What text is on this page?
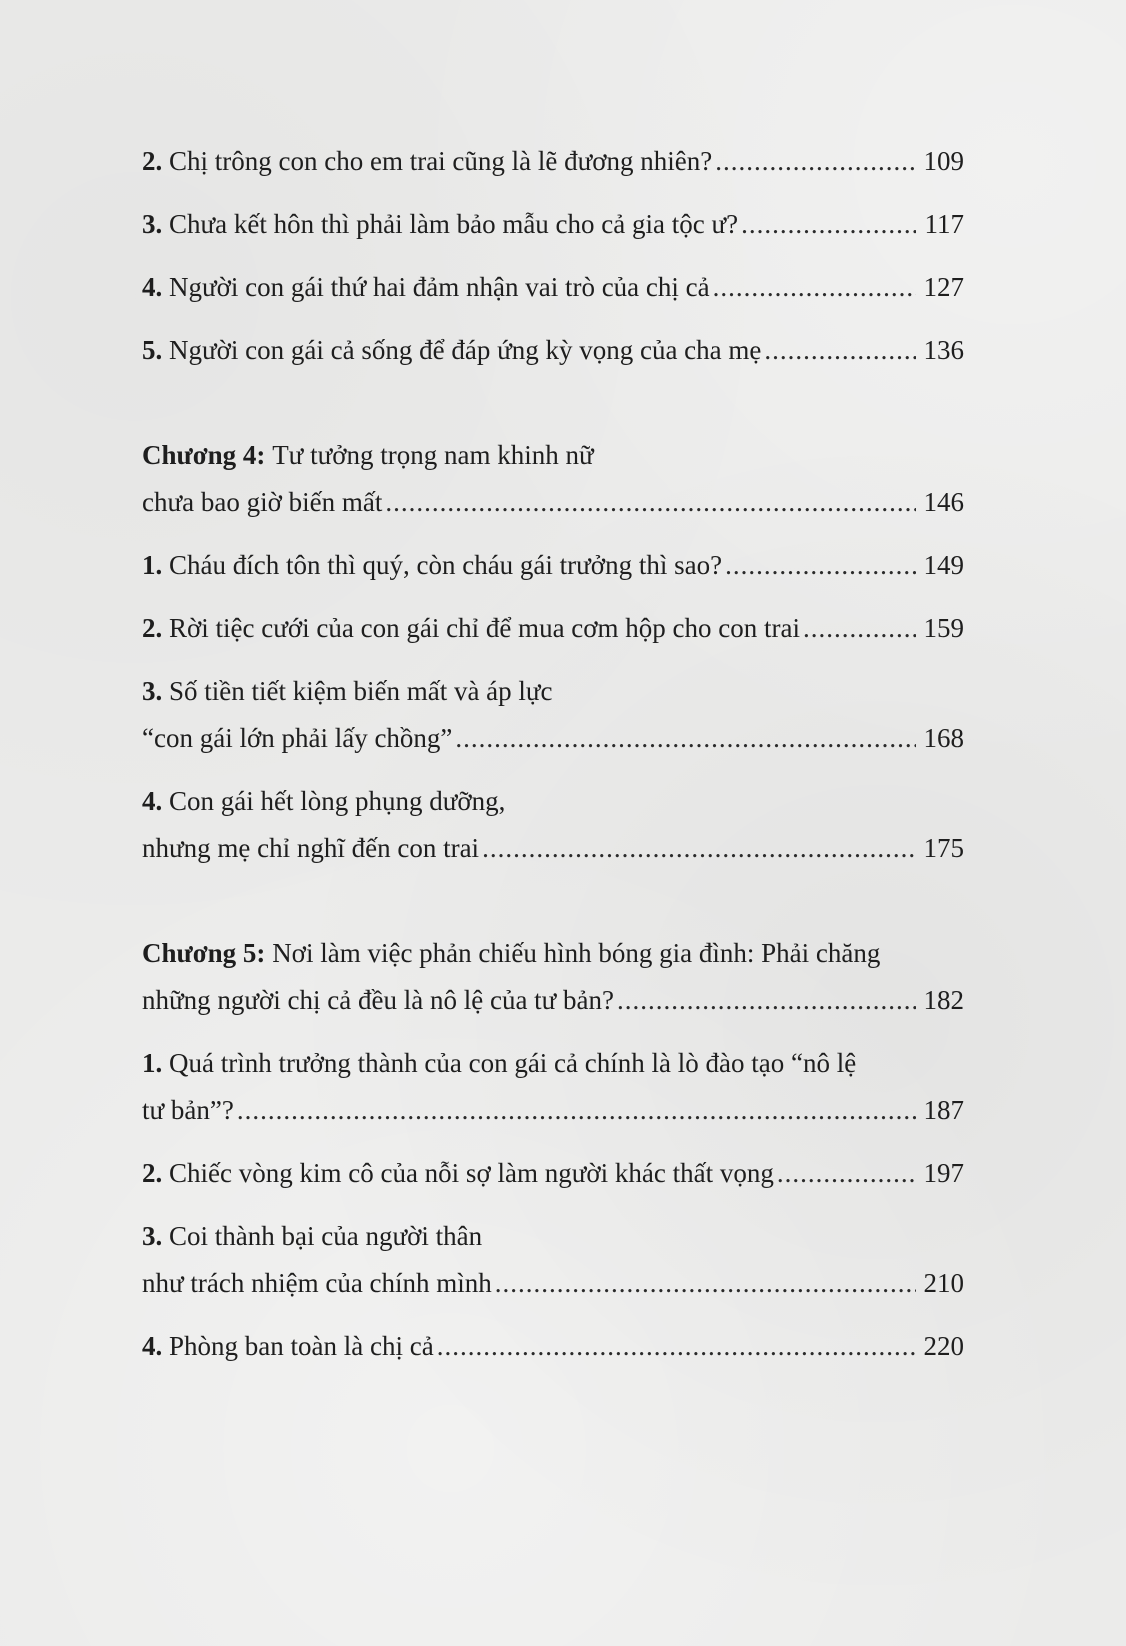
2.
Chị trông con cho em trai cũng là lẽ đương nhiên? .....	109
3.
Chưa kết hôn thì phải làm bảo mẫu cho cả gia tộc ư? .....	117
4.
Người con gái thứ hai đảm nhận vai trò của chị cả .....	127
5.
Người con gái cả sống để đáp ứng kỳ vọng của cha mẹ .....	136
Chương 4:
Tư tưởng trọng nam khinh nữ
chưa bao giờ biến mất .....	146
1.
Cháu đích tôn thì quý, còn cháu gái trưởng thì sao? .....	149
2.
Rời tiệc cưới của con gái chỉ để mua cơm hộp cho con trai .....	159
3.
Số tiền tiết kiệm biến mất và áp lực
“con gái lớn phải lấy chồng” .....	168
4.
Con gái hết lòng phụng dưỡng,
nhưng mẹ chỉ nghĩ đến con trai .....	175
Chương 5:
Nơi làm việc phản chiếu hình bóng gia đình: Phải chăng
những người chị cả đều là nô lệ của tư bản? .....	182
1.
Quá trình trưởng thành của con gái cả chính là lò đào tạo “nô lệ
tư bản”? .....	187
2.
Chiếc vòng kim cô của nỗi sợ làm người khác thất vọng .....	197
3.
Coi thành bại của người thân
như trách nhiệm của chính mình .....	210
4.
Phòng ban toàn là chị cả .....	220
